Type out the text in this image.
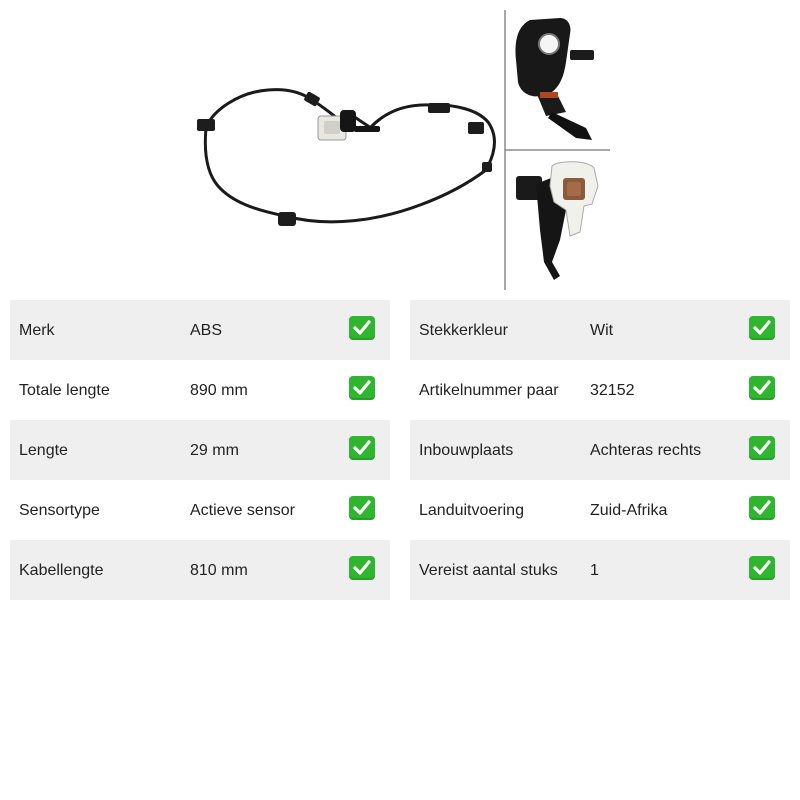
Merk	ABS
Totale lengte	890 mm
Lengte	29 mm
Sensortype	Actieve sensor
Kabellengte	810 mm
Stekkerkleur	Wit
Artikelnummer paar 32152
Inbouwplaats	Achteras rechts
Landuitvoering	Zuid-Afrika
Vereist aantal stuks 1
